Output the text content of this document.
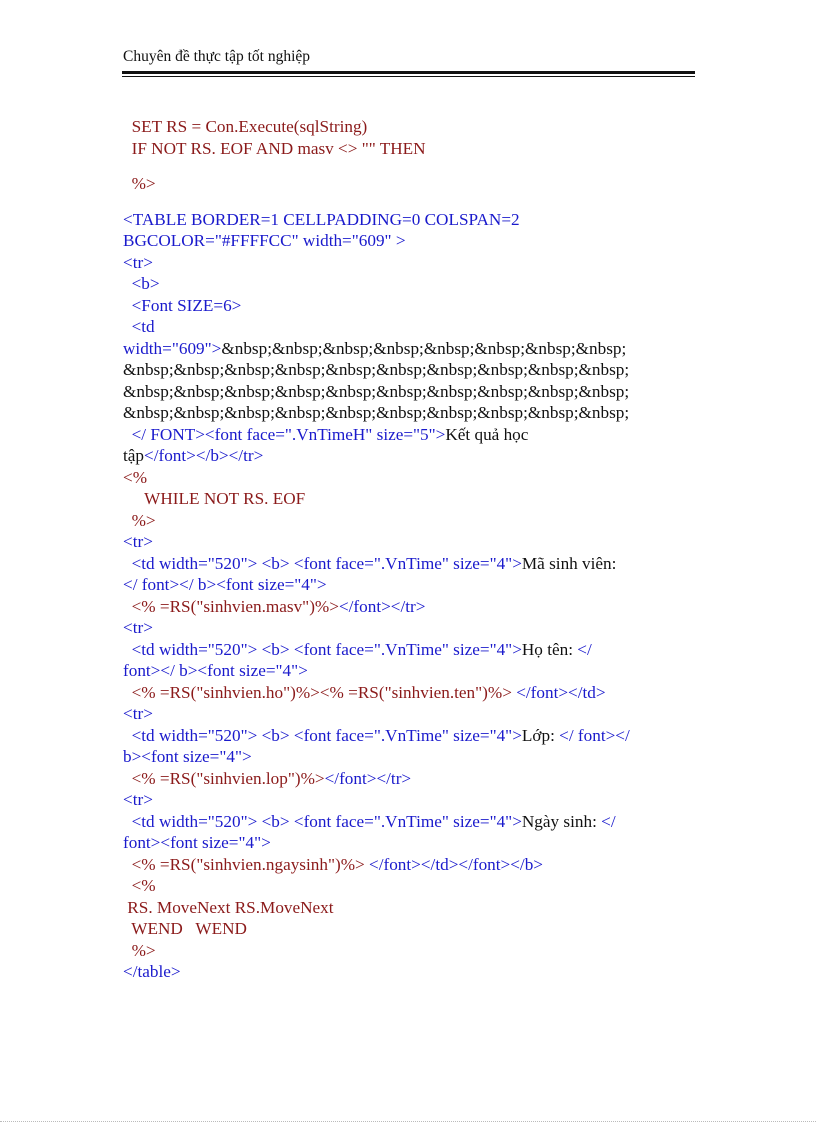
Chuyên đề thực tập tốt nghiệp
SET RS = Con.Execute(sqlString)
IF NOT RS. EOF AND masv <> "" THEN
%>
<TABLE BORDER=1 CELLPADDING=0 COLSPAN=2
BGCOLOR="#FFFFCC" width="609" >
<tr>
<b>
<Font SIZE=6>
<td
width="609">&nbsp;&nbsp;&nbsp;&nbsp;&nbsp;&nbsp;&nbsp;&nbsp;
&nbsp;&nbsp;&nbsp;&nbsp;&nbsp;&nbsp;&nbsp;&nbsp;&nbsp;&nbsp;
&nbsp;&nbsp;&nbsp;&nbsp;&nbsp;&nbsp;&nbsp;&nbsp;&nbsp;&nbsp;
&nbsp;&nbsp;&nbsp;&nbsp;&nbsp;&nbsp;&nbsp;&nbsp;&nbsp;&nbsp;
</ FONT><font face=".VnTimeH" size="5">Kết quả học
tập</font></b></tr>
<%
WHILE NOT RS. EOF
%>
<tr>
<td width="520"> <b> <font face=".VnTime" size="4">Mã sinh viên:
</ font></ b><font size="4">
<% =RS("sinhvien.masv")%></font></tr>
<tr>
<td width="520"> <b> <font face=".VnTime" size="4">Họ tên: </
font></ b><font size="4">
<% =RS("sinhvien.ho")%><% =RS("sinhvien.ten")%> </font></td>
<tr>
<td width="520"> <b> <font face=".VnTime" size="4">Lớp: </ font></
b><font size="4">
<% =RS("sinhvien.lop")%></font></tr>
<tr>
<td width="520"> <b> <font face=".VnTime" size="4">Ngày sinh: </
font><font size="4">
<% =RS("sinhvien.ngaysinh")%> </font></td></font></b>
<%
RS. MoveNext RS.MoveNext
WEND   WEND
%>
</table>
